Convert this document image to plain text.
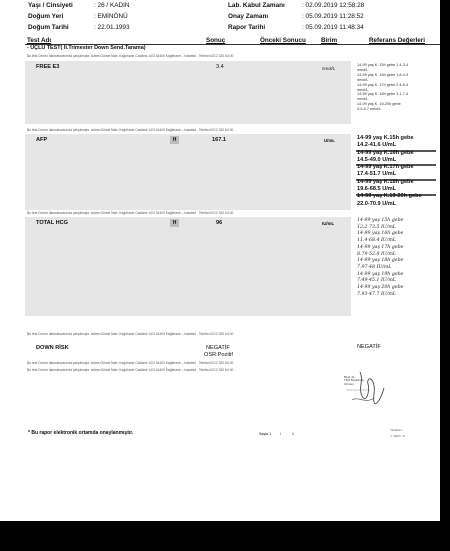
Yaşı / Cinsiyeti	: 26 / KADIN
Doğum Yeri	: EMİNÖNÜ
Doğum Tarihi	: 22.01.1993
Lab. Kabul Zamanı	: 02.09.2019 12:58:28
Onay Zamanı	: 05.09.2019 11:28:52
Rapor Tarihi	: 05.09.2019 11:48:34
Test Adı	Sonuç	Önceki Sonucu Birim	Referans Değerleri
- ÜÇLÜ TEST( II.Trimester Down Send.Tarama)
Bu test Centro laboratuvarında çalışılmıştır. Adres:Gürsel Mah. Kağıthane Caddesi 14/3 34400 Kağıthane – İstanbul - Telefon:0212 320 64 00
FREE E3	3.4	nmol/L
14-99 yaş K. 15h gebe 1.4-3.4
nmol/L
14-99 yaş K. 16h gebe 1.8-4.3
nmol/L
14-99 yaş K. 17h gebe 2.4-6.4
nmol/L
14-99 yaş K. 18h gebe 3.1-7.4
nmol/L
14-99 yaş K. 19-20h gebe
3.4-8.7 nmol/L
Bu test Centro laboratuvarında çalışılmıştır. Adres:Gürsel Mah. Kağıthane Caddesi 14/3 34400 Kağıthane – İstanbul - Telefon:0212 320 64 00
AFP	H	167.1	U/mL	14-99 yaş K.15h gebe
14.2-41.6 U/mL
14-99 yaş K.16h gebe
14.5-49.0 U/mL
14-99 yaş K.17h gebe
17.4-51.7 U/mL
14-99 yaş K.18h gebe
19.6-68.5 U/mL
14-99 yaş K.19-20h gebe
22.0-70.9 U/mL
Bu test Centro laboratuvarında çalışılmıştır. Adres:Gürsel Mah. Kağıthane Caddesi 14/3 34400 Kağıthane – İstanbul - Telefon:0212 320 64 00
TOTAL HCG	H	96	IU/mL
14-99 yaş 15h gebe
12.2-73.5 IU/mL
14-99 yaş 16h gebe
11.4-68.4 IU/mL
14-99 yaş 17h gebe
8.79-52.9 IU/mL
14-99 yaş 18h gebe
7.97-48 IU/mL
14-99 yaş 19h gebe
7.49-45.1 IU/mL
14-99 yaş 20h gebe
7.93-47.7 IU/mL
Bu test Centro laboratuvarında çalışılmıştır. Adres:Gürsel Mah. Kağıthane Caddesi 14/3 34400 Kağıthane – İstanbul - Telefon:0212 320 64 00
DOWN RİSK	NEGATİF
OSR:Pozitif
NEGATİF
Bu test Centro laboratuvarında çalışılmıştır. Adres:Gürsel Mah. Kağıthane Caddesi 14/3 34400 Kağıthane – İstanbul - Telefon:0212 320 64 00
Bu test Centro laboratuvarında çalışılmıştır. Adres:Gürsel Mah. Kağıthane Caddesi 14/3 34400 Kağıthane – İstanbul - Telefon:0212 320 64 00
Biyol. Dr.
Tıbbi Biyokimya
Uzmanı
* Bu rapor elektronik ortamda onaylanmıştır.	Sayfa 1 /	1
Yazdıran :
Y. Tarihi : 8
